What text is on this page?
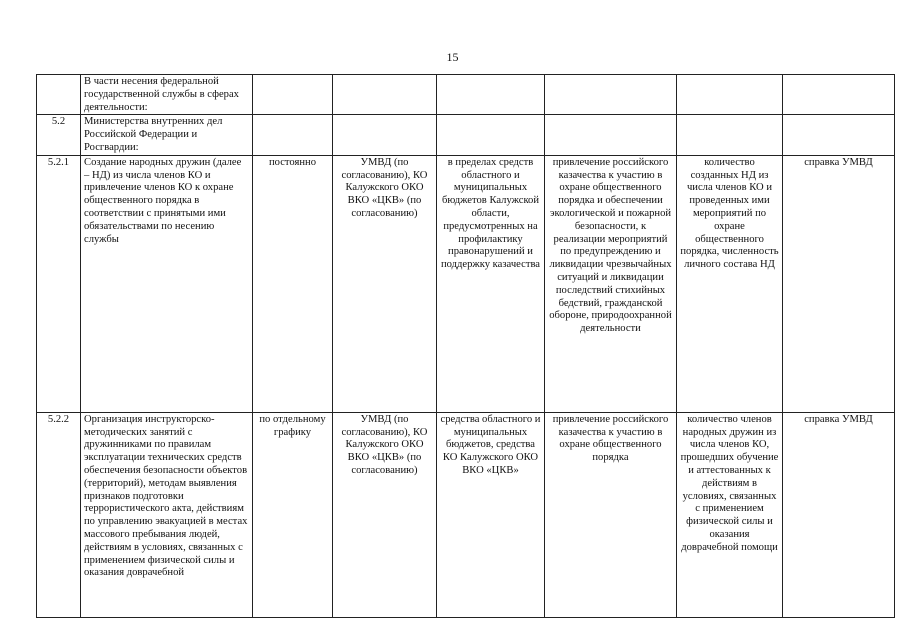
15
	В части несения федеральной государственной службы в сферах деятельности:						
5.2	Министерства внутренних дел Российской Федерации и Росгвардии:						
5.2.1	Создание народных дружин (далее – НД) из числа членов КО и привлечение членов КО к охране общественного порядка в соответствии с принятыми ими обязательствами по несению службы	постоянно	УМВД (по согласованию), КО Калужского ОКО ВКО «ЦКВ» (по согласованию)	в пределах средств областного и муниципальных бюджетов Калужской области, предусмотренных на профилактику правонарушений и поддержку казачества	привлечение российского казачества к участию в охране общественного порядка и обеспечении экологической и пожарной безопасности, к реализации мероприятий по предупреждению и ликвидации чрезвычайных ситуаций и ликвидации последствий стихийных бедствий, гражданской обороне, природоохранной деятельности	количество созданных НД из числа членов КО и проведенных ими мероприятий по охране общественного порядка, численность личного состава НД	справка УМВД
5.2.2	Организация инструкторско-методических занятий с дружинниками по правилам эксплуатации технических средств обеспечения безопасности объектов (территорий), методам выявления признаков подготовки террористического акта, действиям по управлению эвакуацией в местах массового пребывания людей, действиям в условиях, связанных с применением физической силы и оказания доврачебной	по отдельному графику	УМВД (по согласованию), КО Калужского ОКО ВКО «ЦКВ» (по согласованию)	средства областного и муниципальных бюджетов, средства КО Калужского ОКО ВКО «ЦКВ»	привлечение российского казачества к участию в охране общественного порядка	количество членов народных дружин из числа членов КО, прошедших обучение и аттестованных к действиям в условиях, связанных с применением физической силы и оказания доврачебной помощи	справка УМВД
